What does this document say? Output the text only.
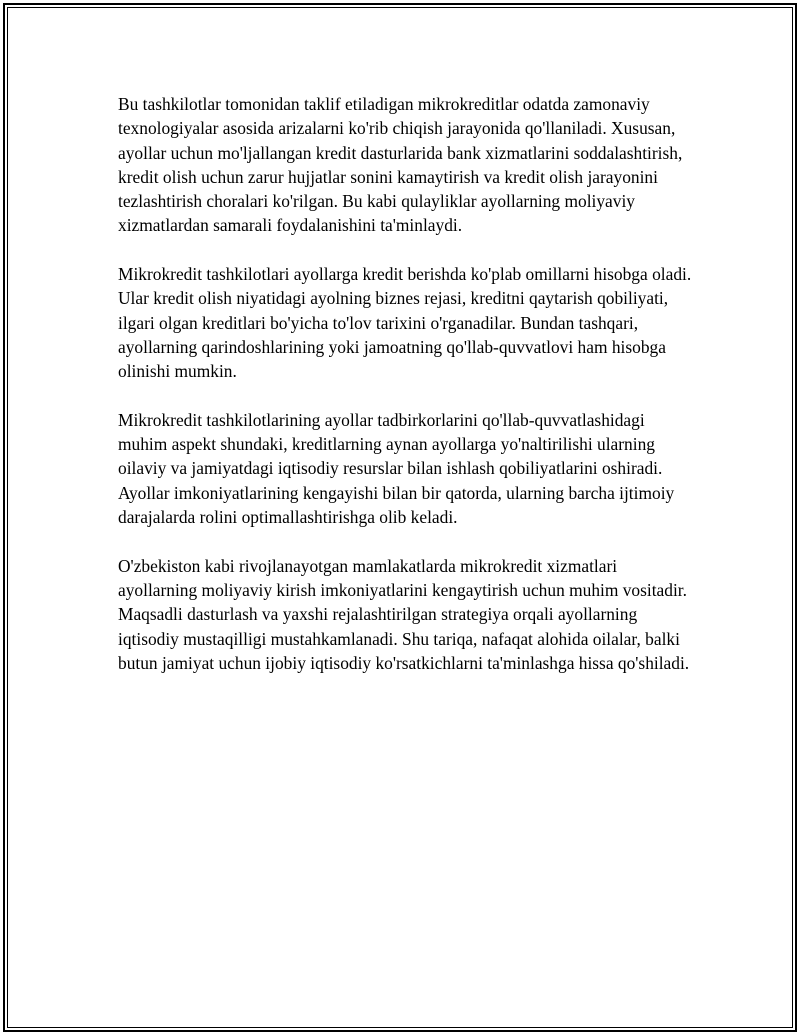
Bu tashkilotlar tomonidan taklif etiladigan mikrokreditlar odatda zamonaviy texnologiyalar asosida arizalarni ko'rib chiqish jarayonida qo'llaniladi. Xususan, ayollar uchun mo'ljallangan kredit dasturlarida bank xizmatlarini soddalashtirish, kredit olish uchun zarur hujjatlar sonini kamaytirish va kredit olish jarayonini tezlashtirish choralari ko'rilgan. Bu kabi qulayliklar ayollarning moliyaviy xizmatlardan samarali foydalanishini ta'minlaydi.

Mikrokredit tashkilotlari ayollarga kredit berishda ko'plab omillarni hisobga oladi. Ular kredit olish niyatidagi ayolning biznes rejasi, kreditni qaytarish qobiliyati, ilgari olgan kreditlari bo'yicha to'lov tarixini o'rganadilar. Bundan tashqari, ayollarning qarindoshlarining yoki jamoatning qo'llab-quvvatlovi ham hisobga olinishi mumkin.

Mikrokredit tashkilotlarining ayollar tadbirkorlarini qo'llab-quvvatlashidagi muhim aspekt shundaki, kreditlarning aynan ayollarga yo'naltirilishi ularning oilaviy va jamiyatdagi iqtisodiy resurslar bilan ishlash qobiliyatlarini oshiradi. Ayollar imkoniyatlarining kengayishi bilan bir qatorda, ularning barcha ijtimoiy darajalarda rolini optimallashtirishga olib keladi.

O'zbekiston kabi rivojlanayotgan mamlakatlarda mikrokredit xizmatlari ayollarning moliyaviy kirish imkoniyatlarini kengaytirish uchun muhim vositadir. Maqsadli dasturlash va yaxshi rejalashtirilgan strategiya orqali ayollarning iqtisodiy mustaqilligi mustahkamlanadi. Shu tariqa, nafaqat alohida oilalar, balki butun jamiyat uchun ijobiy iqtisodiy ko'rsatkichlarni ta'minlashga hissa qo'shiladi.
